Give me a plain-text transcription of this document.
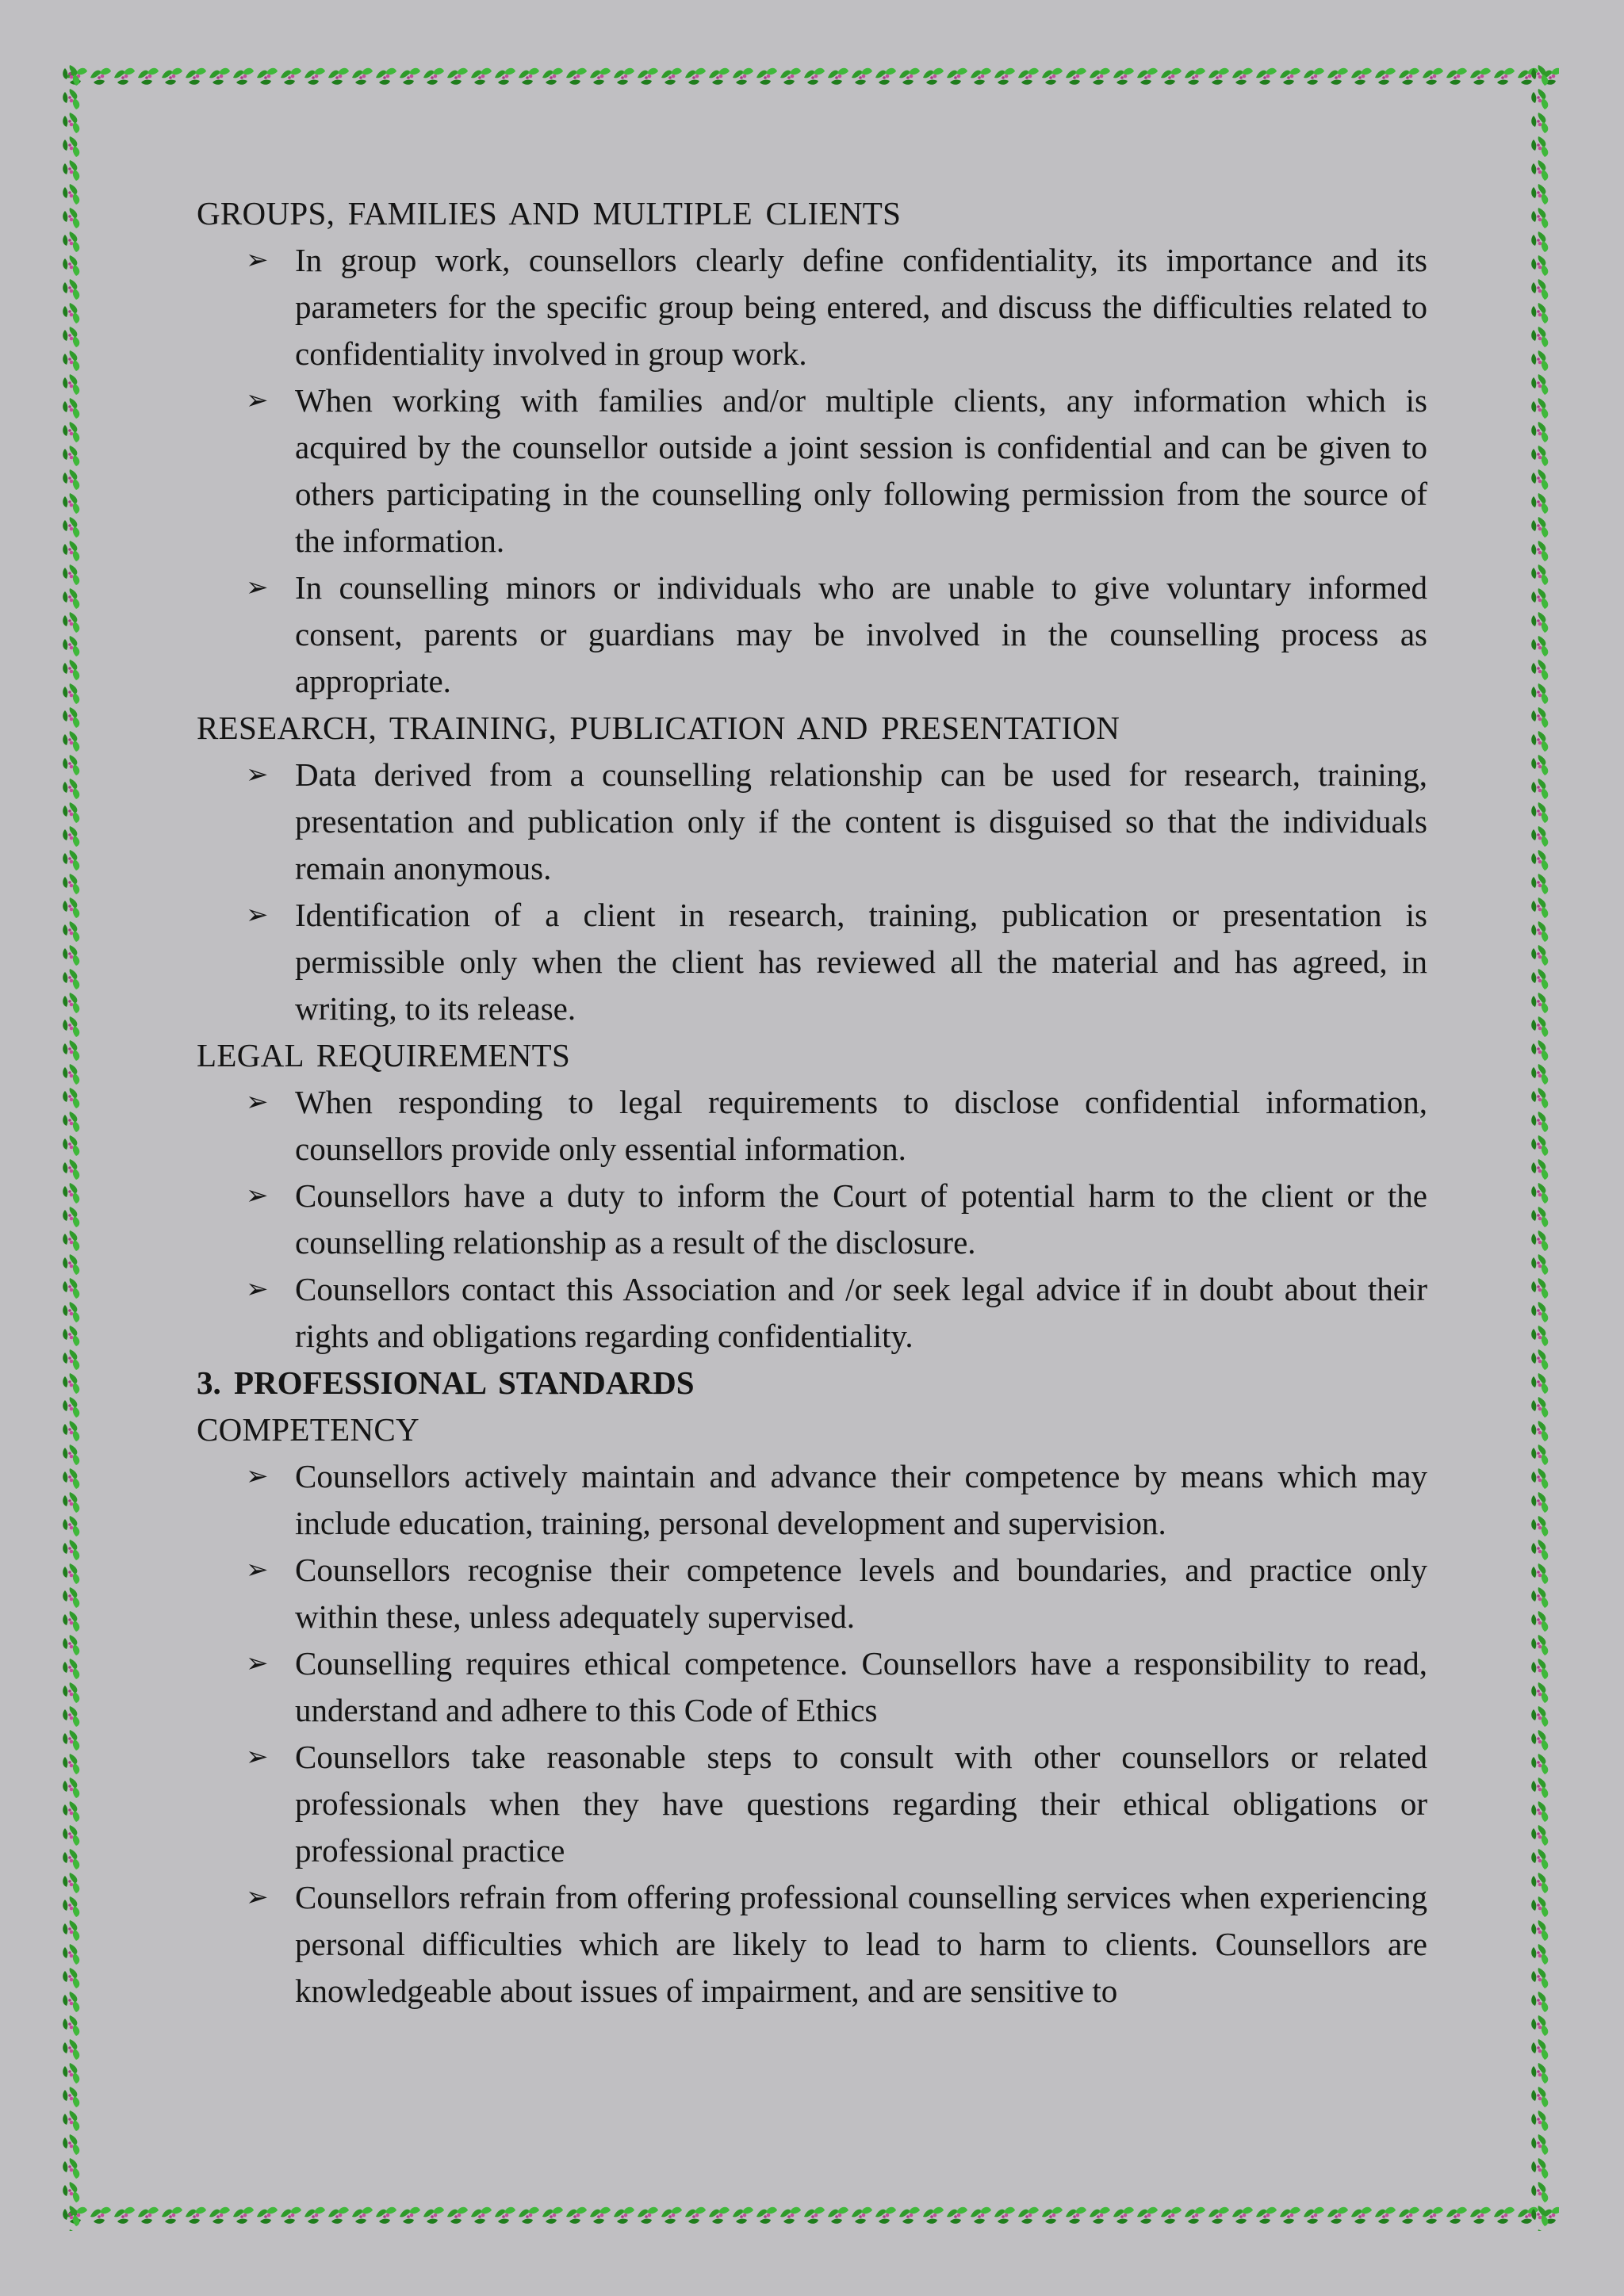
GROUPS, FAMILIES AND MULTIPLE CLIENTS
➢ In group work, counsellors clearly define confidentiality, its importance and its parameters for the specific group being entered, and discuss the difficulties related to confidentiality involved in group work.
➢ When working with families and/or multiple clients, any information which is acquired by the counsellor outside a joint session is confidential and can be given to others participating in the counselling only following permission from the source of the information.
➢ In counselling minors or individuals who are unable to give voluntary informed consent, parents or guardians may be involved in the counselling process as appropriate.
RESEARCH, TRAINING, PUBLICATION AND PRESENTATION
➢ Data derived from a counselling relationship can be used for research, training, presentation and publication only if the content is disguised so that the individuals remain anonymous.
➢ Identification of a client in research, training, publication or presentation is permissible only when the client has reviewed all the material and has agreed, in writing, to its release.
LEGAL REQUIREMENTS
➢ When responding to legal requirements to disclose confidential information, counsellors provide only essential information.
➢ Counsellors have a duty to inform the Court of potential harm to the client or the counselling relationship as a result of the disclosure.
➢ Counsellors contact this Association and /or seek legal advice if in doubt about their rights and obligations regarding confidentiality.
3. PROFESSIONAL STANDARDS
COMPETENCY
➢ Counsellors actively maintain and advance their competence by means which may include education, training, personal development and supervision.
➢ Counsellors recognise their competence levels and boundaries, and practice only within these, unless adequately supervised.
➢ Counselling requires ethical competence. Counsellors have a responsibility to read, understand and adhere to this Code of Ethics
➢ Counsellors take reasonable steps to consult with other counsellors or related professionals when they have questions regarding their ethical obligations or professional practice
➢ Counsellors refrain from offering professional counselling services when experiencing personal difficulties which are likely to lead to harm to clients. Counsellors are knowledgeable about issues of impairment, and are sensitive to
